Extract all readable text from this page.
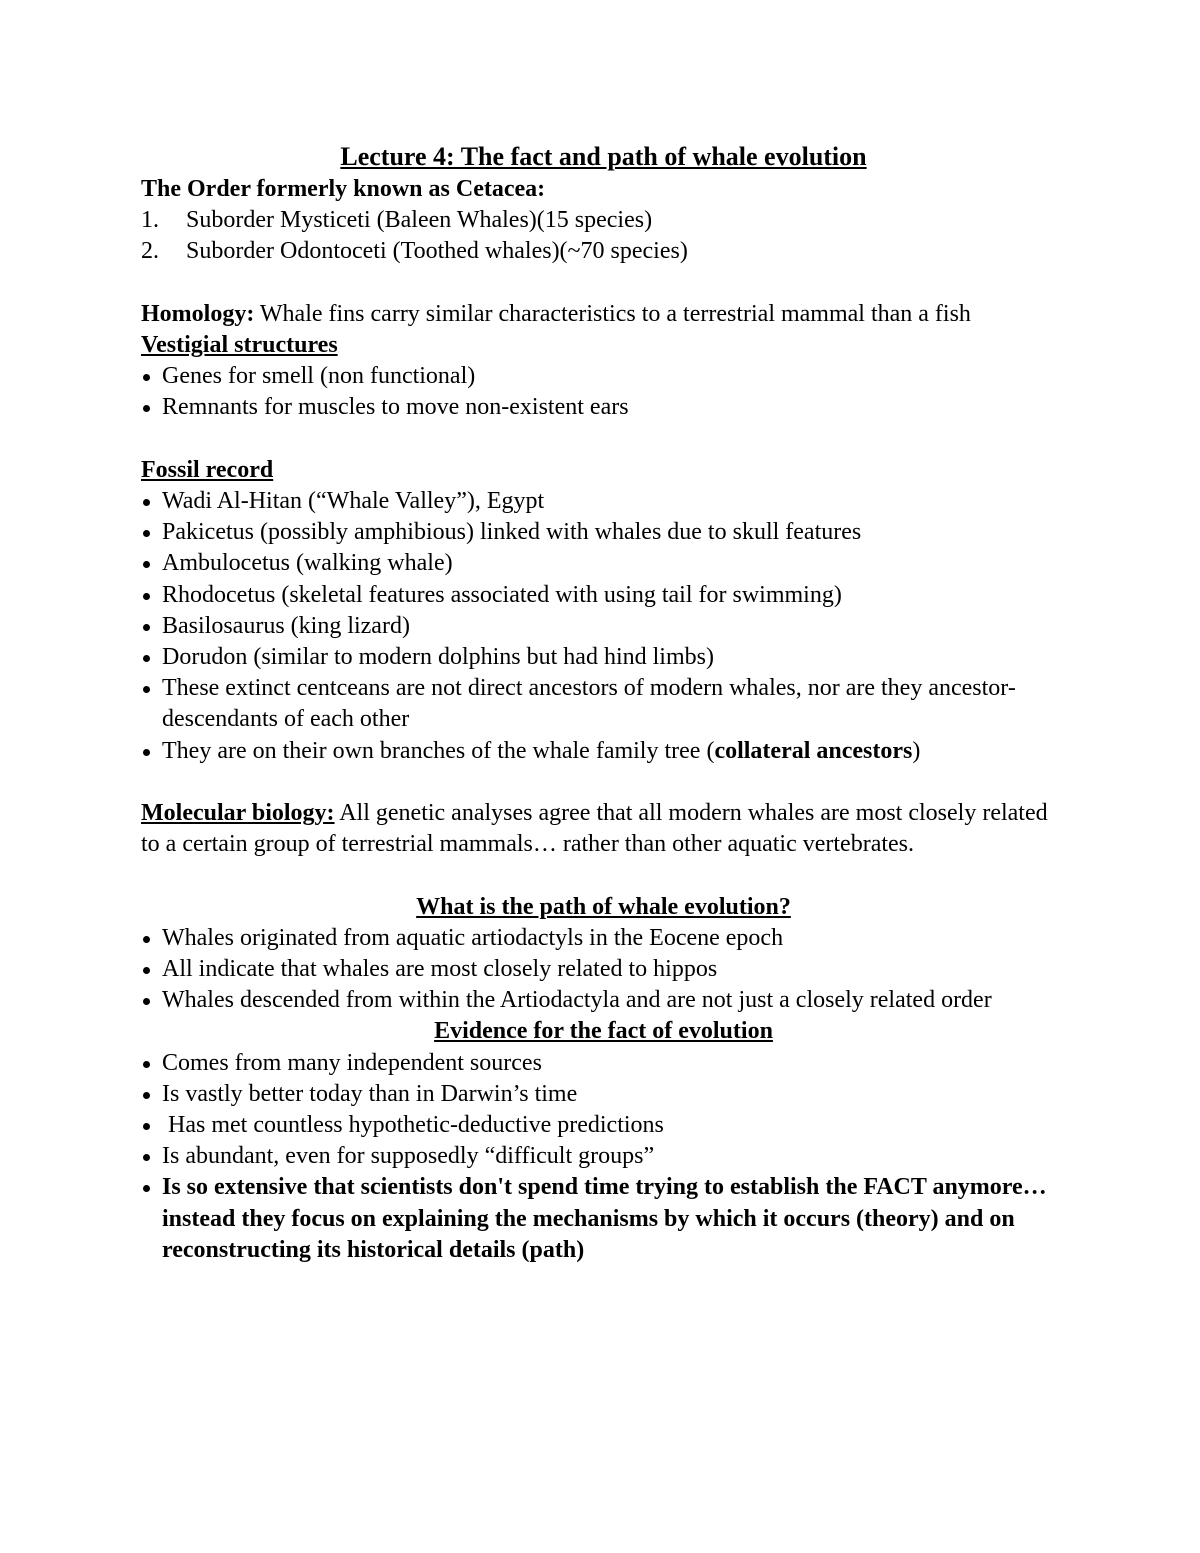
Lecture 4: The fact and path of whale evolution

The Order formerly known as Cetacea:

1. Suborder Mysticeti (Baleen Whales)(15 species)
2. Suborder Odontoceti (Toothed whales)(~70 species)

Homology: Whale fins carry similar characteristics to a terrestrial mammal than a fish

Vestigial structures

Genes for smell (non functional)
Remnants for muscles to move non-existent ears

Fossil record

Wadi Al-Hitan (“Whale Valley”), Egypt
Pakicetus (possibly amphibious) linked with whales due to skull features
Ambulocetus (walking whale)
Rhodocetus (skeletal features associated with using tail for swimming)
Basilosaurus (king lizard)
Dorudon (similar to modern dolphins but had hind limbs)
These extinct centceans are not direct ancestors of modern whales, nor are they ancestor-descendants of each other
They are on their own branches of the whale family tree (collateral ancestors)

Molecular biology: All genetic analyses agree that all modern whales are most closely related to a certain group of terrestrial mammals… rather than other aquatic vertebrates.

What is the path of whale evolution?

Whales originated from aquatic artiodactyls in the Eocene epoch
All indicate that whales are most closely related to hippos
Whales descended from within the Artiodactyla and are not just a closely related order

Evidence for the fact of evolution

Comes from many independent sources
Is vastly better today than in Darwin’s time
Has met countless hypothetic-deductive predictions
Is abundant, even for supposedly “difficult groups”
Is so extensive that scientists don't spend time trying to establish the FACT anymore…instead they focus on explaining the mechanisms by which it occurs (theory) and on reconstructing its historical details (path)
